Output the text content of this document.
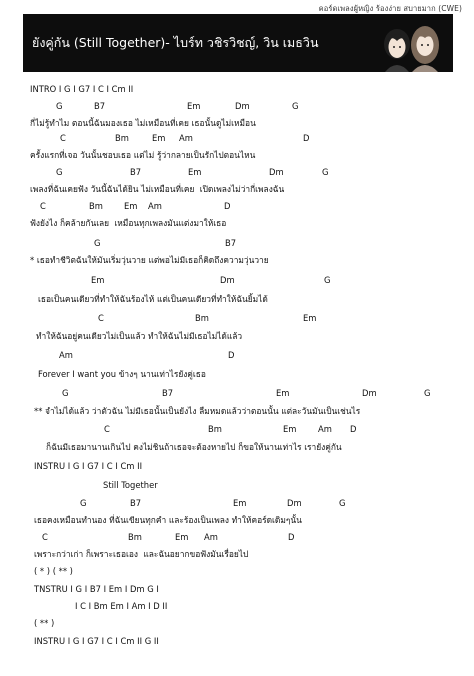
คอร์ดเพลงผู้หญิง ร้องง่าย สบายมาก (CWE)
ยังคู่กัน (Still Together)- ไบร์ท วชิรวิชญ์, วิน เมธวิน

INTRO I G I G7 I C I Cm II

G

	B7

	Em

	Dm

	G

กี่ไม่รู้ทำไม ตอนนี้ฉันมองเธอ ไม่เหมือนที่เคย เธอนั้นดูไม่เหมือน

C

	Bm

	Em

Am

	D

ครั้งแรกที่เจอ วันนั้นชอบเธอ แต่ไม่ รู้ว่ากลายเป็นรักไปตอนไหน

G

	B7

	Em

	Dm

	G

เพลงที่ฉันเคยฟัง วันนี้ฉันได้ยิน ไม่เหมือนที่เคย  เปิดเพลงไม่ว่ากี่เพลงฉัน

C

	Bm

	Em

Am

	D

ฟังยังไง ก็คล้ายกันเลย  เหมือนทุกเพลงมันแต่งมาให้เธอ

G

	B7

* เธอทำชีวิตฉันให้มันเริ่มวุ่นวาย แต่พอไม่มีเธอก็คิดถึงความวุ่นวาย

Em

	Dm

	G

เธอเป็นคนเดียวที่ทำให้ฉันร้องไห้ แต่เป็นคนเดียวที่ทำให้ฉันยิ้มได้

C

	Bm

	Em

ทำให้ฉันอยู่คนเดียวไม่เป็นแล้ว ทำให้ฉันไม่มีเธอไม่ได้แล้ว

Am

	D

Forever I want you ข้างๆ นานเท่าไรยังคู่เธอ

G

	B7

	Em

	Dm

	G

** จำไม่ได้แล้ว ว่าตัวฉัน ไม่มีเธอนั้นเป็นยังไง ลืมหมดแล้วว่าตอนนั้น แต่ละวันมันเป็นเช่นไร

C

	Bm

	Em

	Am

D

ก็ฉันมีเธอมานานเกินไป คงไม่ชินถ้าเธอจะต้องหายไป ก็ขอให้นานเท่าไร เรายังคู่กัน

INSTRU I G I G7 I C I Cm II

Still Together

G

	B7

	Em

	Dm

	G

เธอคงเหมือนทำนอง ที่ฉันเขียนทุกคำ และร้องเป็นเพลง ทำให้คอร์ดเดิมๆนั้น

C

	Bm

	Em

Am

	D

เพราะกว่าเก่า ก็เพราะเธอเอง  และฉันอยากขอฟังมันเรื่อยไป

( * ) ( ** )

TNSTRU I G I B7 I Em I Dm G I

I C I Bm Em I Am I D II

( ** )

INSTRU I G I G7 I C I Cm II G II
